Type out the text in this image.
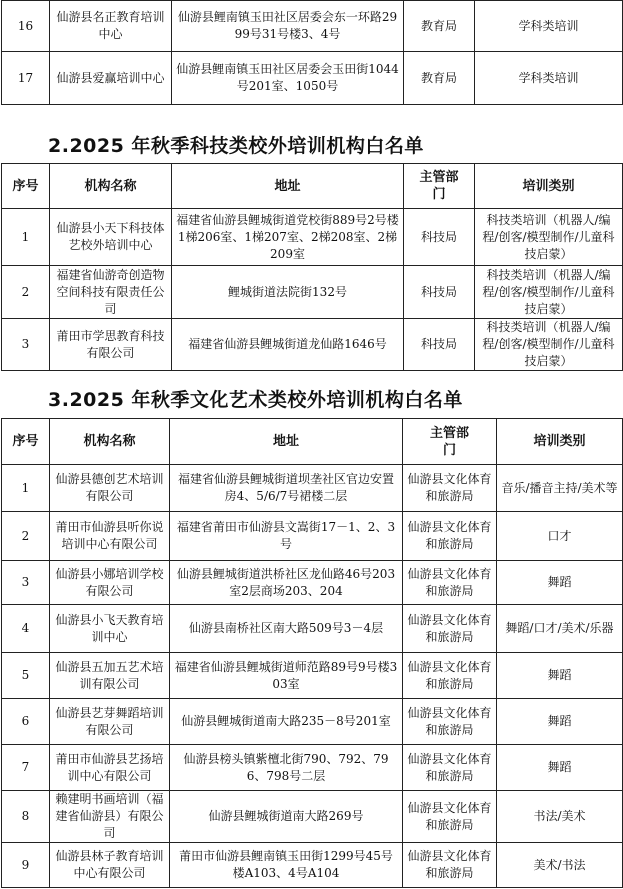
16	仙游县名正教育培训中心	仙游县鲤南镇玉田社区居委会东一环路2999号31号楼3、4号	教育局	学科类培训
17	仙游县爱赢培训中心	仙游县鲤南镇玉田社区居委会玉田街1044号201室、1050号	教育局	学科类培训
2.2025 年秋季科技类校外培训机构白名单
序号	机构名称	地址	主管部门	培训类别
1	仙游县小天下科技体艺校外培训中心	福建省仙游县鲤城街道党校街889号2号楼1梯206室、1梯207室、2梯208室、2梯209室	科技局	科技类培训（机器人/编程/创客/模型制作/儿童科技启蒙）
2	福建省仙游奇创造物空间科技有限责任公司	鲤城街道法院街132号	科技局	科技类培训（机器人/编程/创客/模型制作/儿童科技启蒙）
3	莆田市学思教育科技有限公司	福建省仙游县鲤城街道龙仙路1646号	科技局	科技类培训（机器人/编程/创客/模型制作/儿童科技启蒙）
3.2025 年秋季文化艺术类校外培训机构白名单
序号	机构名称	地址	主管部门	培训类别
1	仙游县德创艺术培训有限公司	福建省仙游县鲤城街道坝垄社区官边安置房4、5/6/7号裙楼二层	仙游县文化体育和旅游局	音乐/播音主持/美术等
2	莆田市仙游县听你说培训中心有限公司	福建省莆田市仙游县文嵩街17－1、2、3号	仙游县文化体育和旅游局	口才
3	仙游县小娜培训学校有限公司	仙游县鲤城街道洪桥社区龙仙路46号203室2层商场203、204	仙游县文化体育和旅游局	舞蹈
4	仙游县小飞天教育培训中心	仙游县南桥社区南大路509号3－4层	仙游县文化体育和旅游局	舞蹈/口才/美术/乐器
5	仙游县五加五艺术培训有限公司	福建省仙游县鲤城街道师范路89号9号楼303室	仙游县文化体育和旅游局	舞蹈
6	仙游县艺芽舞蹈培训有限公司	仙游县鲤城街道南大路235－8号201室	仙游县文化体育和旅游局	舞蹈
7	莆田市仙游县艺扬培训中心有限公司	仙游县榜头镇紫檀北街790、792、796、798号二层	仙游县文化体育和旅游局	舞蹈
8	赖建明书画培训（福建省仙游县）有限公司	仙游县鲤城街道南大路269号	仙游县文化体育和旅游局	书法/美术
9	仙游县林子教育培训中心有限公司	莆田市仙游县鲤南镇玉田街1299号45号楼A103、4号A104	仙游县文化体育和旅游局	美术/书法
